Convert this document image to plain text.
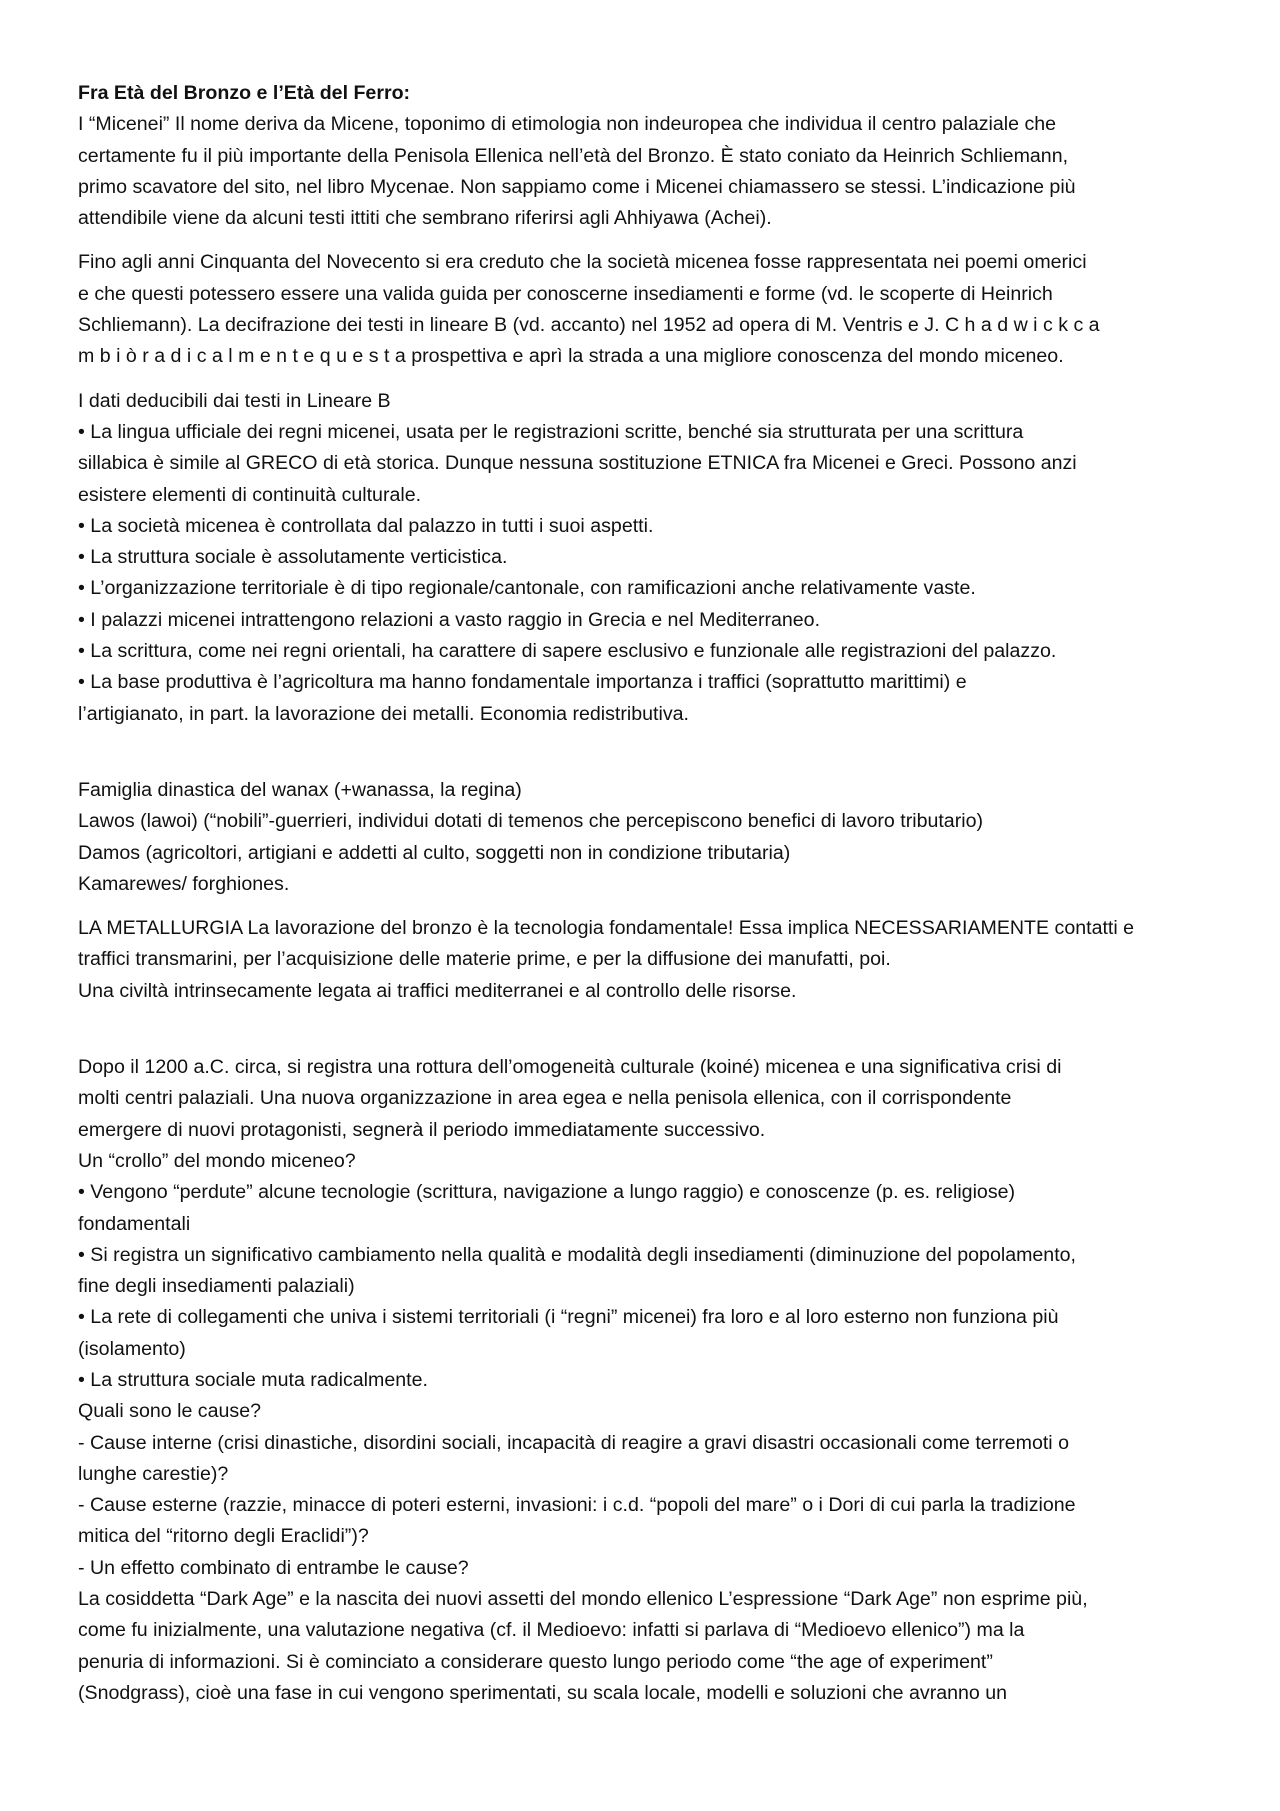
Fra Età del Bronzo e l’Età del Ferro:
I “Micenei” Il nome deriva da Micene, toponimo di etimologia non indeuropea che individua il centro palaziale che
certamente fu il più importante della Penisola Ellenica nell’età del Bronzo. È stato coniato da Heinrich Schliemann,
primo scavatore del sito, nel libro Mycenae. Non sappiamo come i Micenei chiamassero se stessi. L’indicazione più
attendibile viene da alcuni testi ittiti che sembrano riferirsi agli Ahhiyawa (Achei).
Fino agli anni Cinquanta del Novecento si era creduto che la società micenea fosse rappresentata nei poemi omerici
e che questi potessero essere una valida guida per conoscerne insediamenti e forme (vd. le scoperte di Heinrich
Schliemann). La decifrazione dei testi in lineare B (vd. accanto) nel 1952 ad opera di M. Ventris e J. C h a d w i c k c a
m b i ò r a d i c a l m e n t e q u e s t a prospettiva e aprì la strada a una migliore conoscenza del mondo miceneo.
I dati deducibili dai testi in Lineare B
• La lingua ufficiale dei regni micenei, usata per le registrazioni scritte, benché sia strutturata per una scrittura
sillabica è simile al GRECO di età storica. Dunque nessuna sostituzione ETNICA fra Micenei e Greci. Possono anzi
esistere elementi di continuità culturale.
• La società micenea è controllata dal palazzo in tutti i suoi aspetti.
• La struttura sociale è assolutamente verticistica.
• L’organizzazione territoriale è di tipo regionale/cantonale, con ramificazioni anche relativamente vaste.
• I palazzi micenei intrattengono relazioni a vasto raggio in Grecia e nel Mediterraneo.
• La scrittura, come nei regni orientali, ha carattere di sapere esclusivo e funzionale alle registrazioni del palazzo.
• La base produttiva è l’agricoltura ma hanno fondamentale importanza i traffici (soprattutto marittimi) e
l’artigianato, in part. la lavorazione dei metalli. Economia redistributiva.
Famiglia dinastica del wanax (+wanassa, la regina)
Lawos (lawoi) (“nobili”-guerrieri, individui dotati di temenos che percepiscono benefici di lavoro tributario)
Damos (agricoltori, artigiani e addetti al culto, soggetti non in condizione tributaria)
Kamarewes/ forghiones.
LA METALLURGIA La lavorazione del bronzo è la tecnologia fondamentale! Essa implica NECESSARIAMENTE contatti e
traffici transmarini, per l’acquisizione delle materie prime, e per la diffusione dei manufatti, poi.
Una civiltà intrinsecamente legata ai traffici mediterranei e al controllo delle risorse.
Dopo il 1200 a.C. circa, si registra una rottura dell’omogeneità culturale (koiné) micenea e una significativa crisi di
molti centri palaziali. Una nuova organizzazione in area egea e nella penisola ellenica, con il corrispondente
emergere di nuovi protagonisti, segnerà il periodo immediatamente successivo.
Un “crollo” del mondo miceneo?
• Vengono “perdute” alcune tecnologie (scrittura, navigazione a lungo raggio) e conoscenze (p. es. religiose)
fondamentali
• Si registra un significativo cambiamento nella qualità e modalità degli insediamenti (diminuzione del popolamento,
fine degli insediamenti palaziali)
• La rete di collegamenti che univa i sistemi territoriali (i “regni” micenei) fra loro e al loro esterno non funziona più
(isolamento)
• La struttura sociale muta radicalmente.
Quali sono le cause?
- Cause interne (crisi dinastiche, disordini sociali, incapacità di reagire a gravi disastri occasionali come terremoti o
lunghe carestie)?
- Cause esterne (razzie, minacce di poteri esterni, invasioni: i c.d. “popoli del mare” o i Dori di cui parla la tradizione
mitica del “ritorno degli Eraclidi”)?
- Un effetto combinato di entrambe le cause?
La cosiddetta “Dark Age” e la nascita dei nuovi assetti del mondo ellenico L’espressione “Dark Age” non esprime più,
come fu inizialmente, una valutazione negativa (cf. il Medioevo: infatti si parlava di “Medioevo ellenico”) ma la
penuria di informazioni. Si è cominciato a considerare questo lungo periodo come “the age of experiment”
(Snodgrass), cioè una fase in cui vengono sperimentati, su scala locale, modelli e soluzioni che avranno un
